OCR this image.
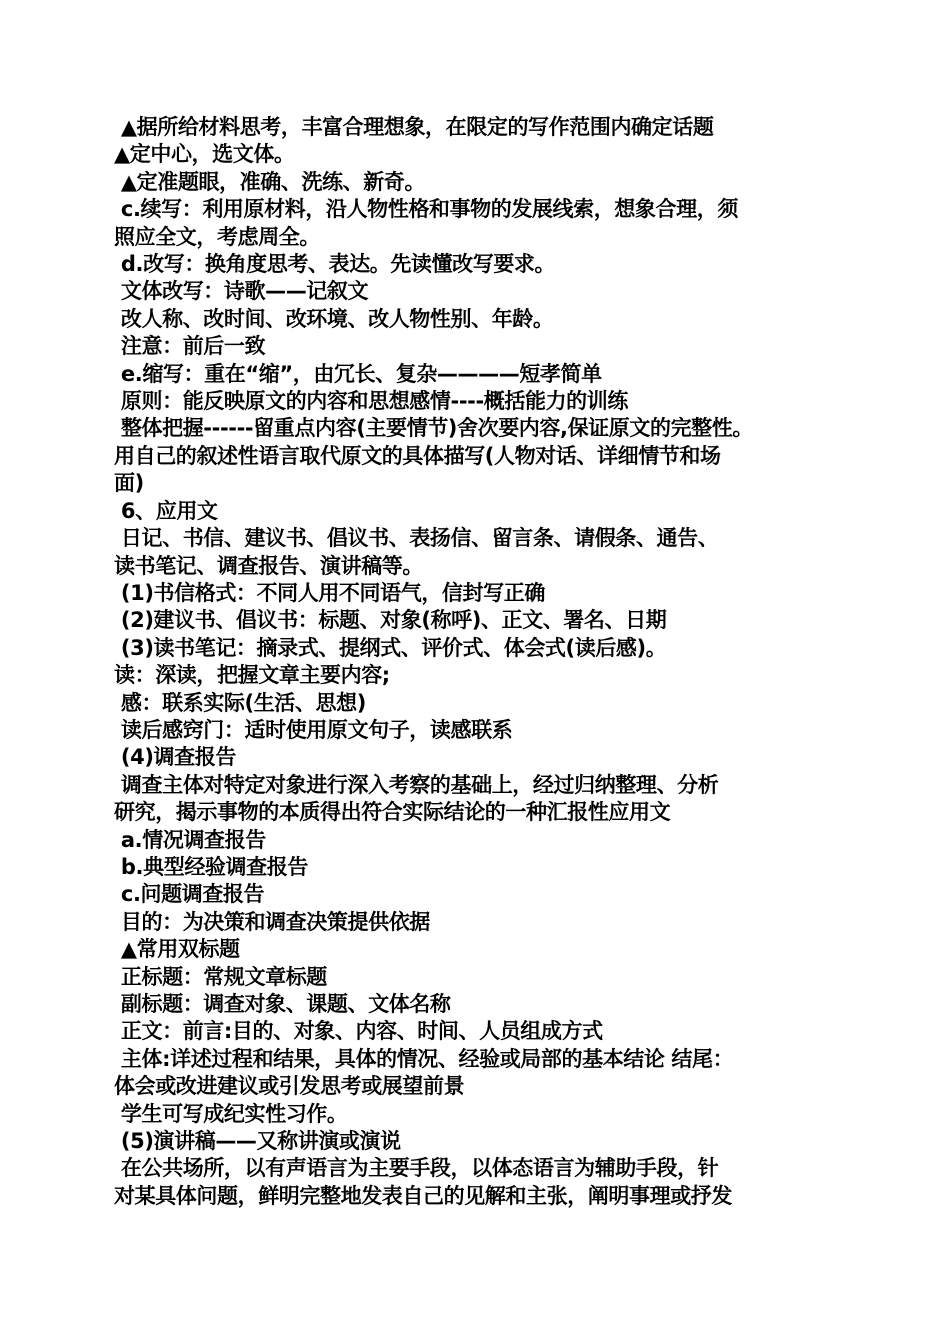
▲据所给材料思考，丰富合理想象，在限定的写作范围内确定话题
▲定中心，选文体。
▲定准题眼，准确、洗练、新奇。
c.续写：利用原材料，沿人物性格和事物的发展线索，想象合理，须
照应全文，考虑周全。
d.改写：换角度思考、表达。先读懂改写要求。
文体改写：诗歌——记叙文
改人称、改时间、改环境、改人物性别、年龄。
注意：前后一致
e.缩写：重在“缩”，由冗长、复杂————短孝简单
原则：能反映原文的内容和思想感情----概括能力的训练
整体把握------留重点内容(主要情节)舍次要内容,保证原文的完整性。
用自己的叙述性语言取代原文的具体描写(人物对话、详细情节和场
面)
6、应用文
日记、书信、建议书、倡议书、表扬信、留言条、请假条、通告、
读书笔记、调查报告、演讲稿等。
(1)书信格式：不同人用不同语气，信封写正确
(2)建议书、倡议书：标题、对象(称呼)、正文、署名、日期
(3)读书笔记：摘录式、提纲式、评价式、体会式(读后感)。
读：深读，把握文章主要内容;
感：联系实际(生活、思想)
读后感窍门：适时使用原文句子，读感联系
(4)调查报告
调查主体对特定对象进行深入考察的基础上，经过归纳整理、分析
研究，揭示事物的本质得出符合实际结论的一种汇报性应用文
a.情况调查报告
b.典型经验调查报告
c.问题调查报告
目的：为决策和调查决策提供依据
▲常用双标题
正标题：常规文章标题
副标题：调查对象、课题、文体名称
正文：前言:目的、对象、内容、时间、人员组成方式
主体:详述过程和结果，具体的情况、经验或局部的基本结论 结尾：
体会或改进建议或引发思考或展望前景
学生可写成纪实性习作。
(5)演讲稿——又称讲演或演说
在公共场所，以有声语言为主要手段，以体态语言为辅助手段，针
对某具体问题，鲜明完整地发表自己的见解和主张，阐明事理或抒发
